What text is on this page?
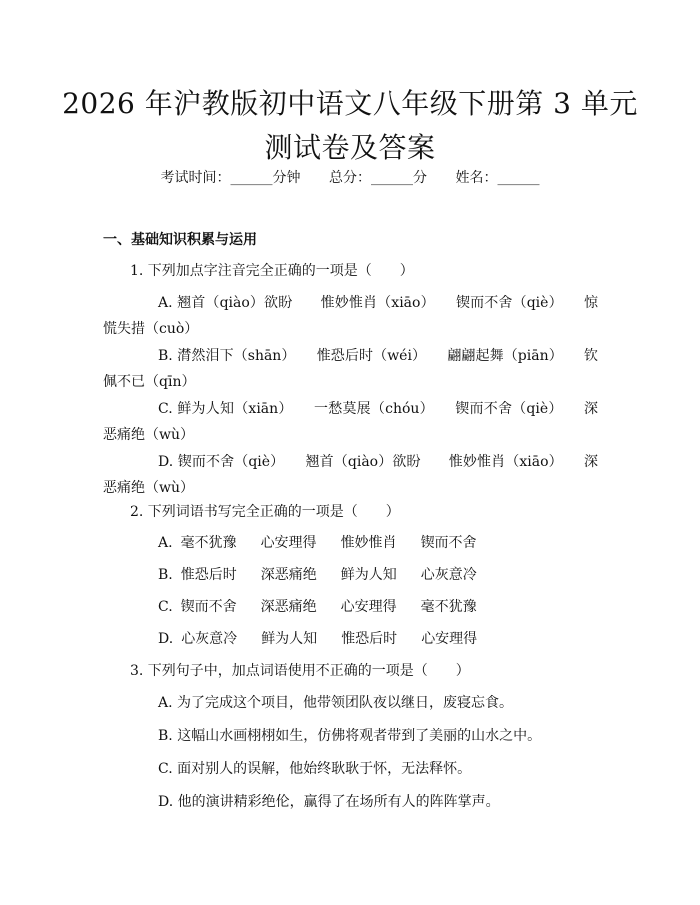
2026 年沪教版初中语文八年级下册第 3 单元
测试卷及答案
考试时间：______分钟 总分：______分 姓名：______
一、基础知识积累与运用
1. 下列加点字注音完全正确的一项是（　　）
A. 翘首（qiào）欲盼　　惟妙惟肖（xiāo）　　锲而不舍（qiè）　　惊慌失措（cuò）
B. 潸然泪下（shān）　　惟恐后时（wéi）　　翩翩起舞（piān）　　钦佩不已（qīn）
C. 鲜为人知（xiān）　　一愁莫展（chóu）　　锲而不舍（qiè）　　深恶痛绝（wù）
D. 锲而不舍（qiè）　　翘首（qiào）欲盼　　惟妙惟肖（xiāo）　　深恶痛绝（wù）
2. 下列词语书写完全正确的一项是（　　）
A. 毫不犹豫 心安理得 惟妙惟肖 锲而不舍
B. 惟恐后时 深恶痛绝 鲜为人知 心灰意冷
C. 锲而不舍 深恶痛绝 心安理得 毫不犹豫
D. 心灰意冷 鲜为人知 惟恐后时 心安理得
3. 下列句子中，加点词语使用不正确的一项是（　　）
A. 为了完成这个项目，他带领团队夜以继日，废寝忘食。
B. 这幅山水画栩栩如生，仿佛将观者带到了美丽的山水之中。
C. 面对别人的误解，他始终耿耿于怀，无法释怀。
D. 他的演讲精彩绝伦，赢得了在场所有人的阵阵掌声。
